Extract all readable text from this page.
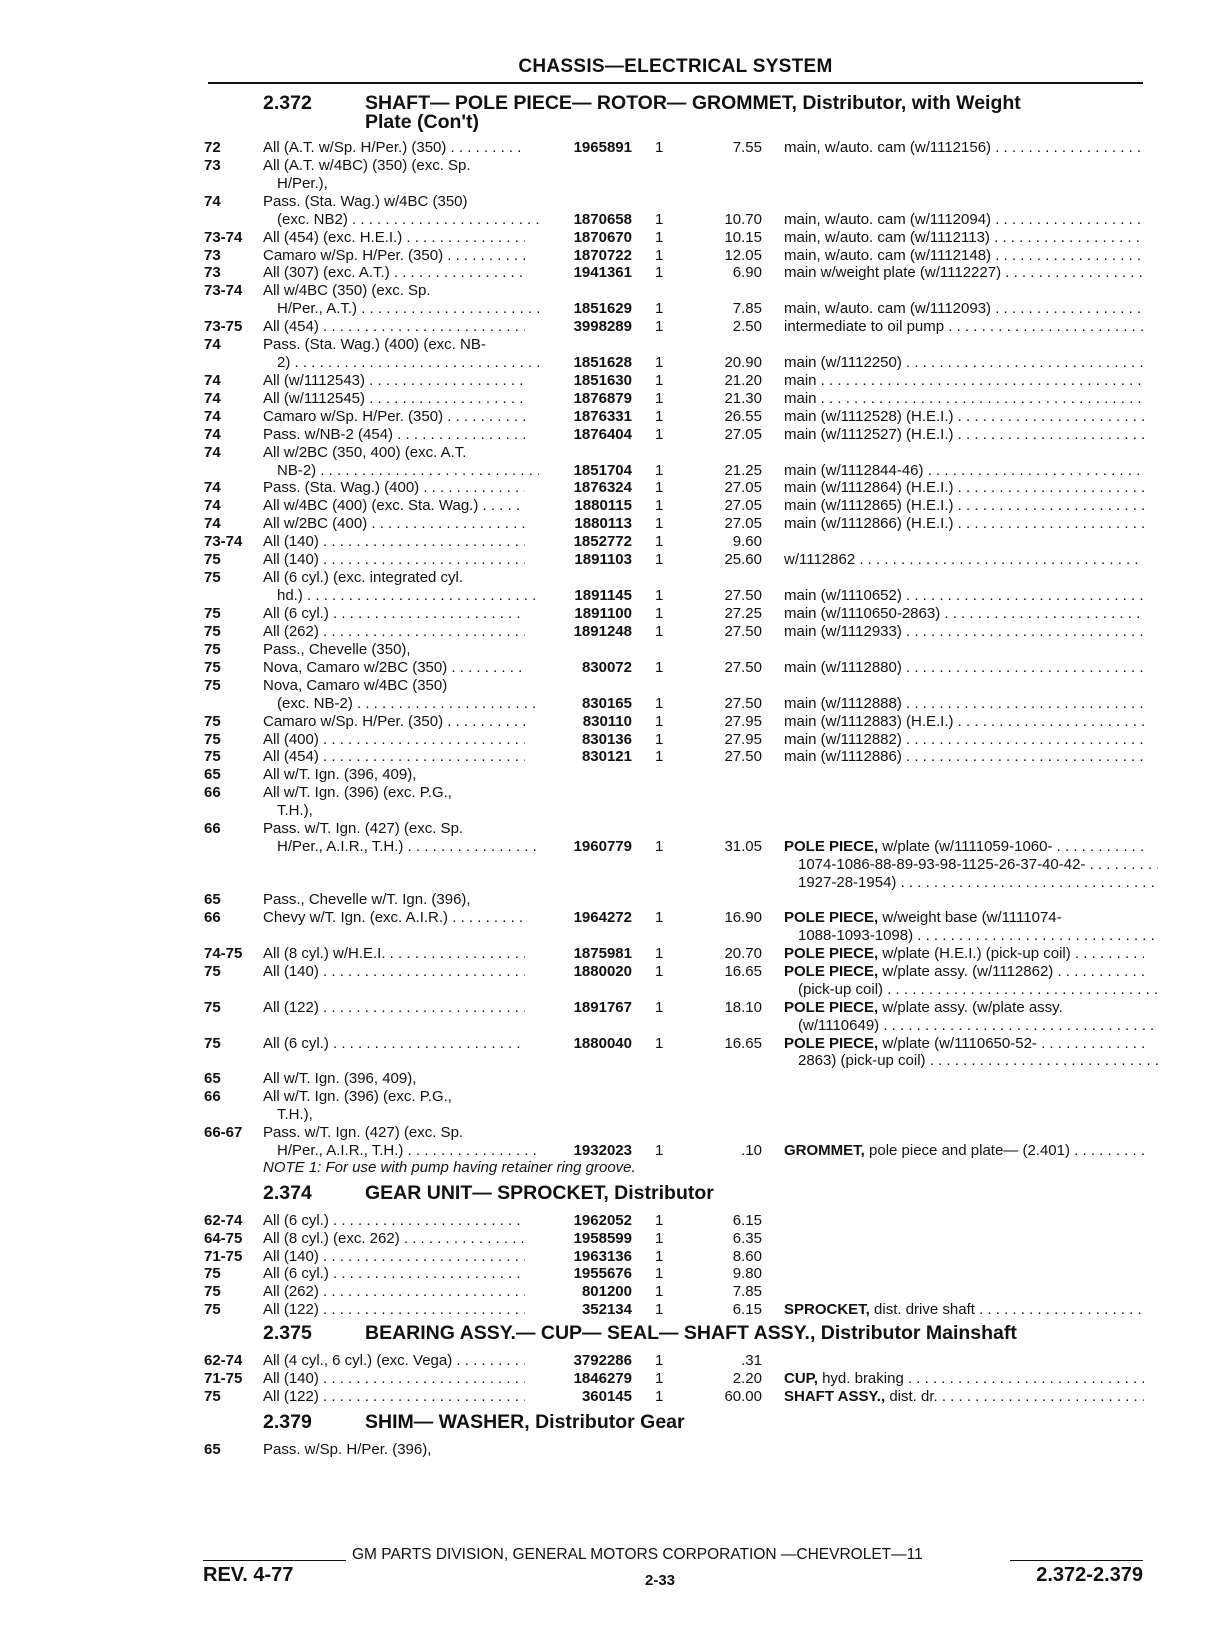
CHASSIS—ELECTRICAL SYSTEM
2.372	SHAFT— POLE PIECE— ROTOR— GROMMET, Distributor, with Weight
Plate (Con't)
2.374	GEAR UNIT— SPROCKET, Distributor
2.375	BEARING ASSY.— CUP— SEAL— SHAFT ASSY., Distributor Mainshaft
2.379	SHIM— WASHER, Distributor Gear
72	All (A.T. w/Sp. H/Per.) (350) . . .	1965891 1	7.55 main, w/auto. cam (w/1112156) . . .
73	All (A.T. w/4BC) (350) (exc. Sp.
H/Per.),
74	Pass. (Sta. Wag.) w/4BC (350)
(exc. NB2) . . .	1870658 1	10.70 main, w/auto. cam (w/1112094) . . .
73-74 All (454) (exc. H.E.I.) . . .	1870670 1	10.15 main, w/auto. cam (w/1112113) . . .
73	Camaro w/Sp. H/Per. (350) . . .	1870722 1	12.05 main, w/auto. cam (w/1112148) . . .
73	All (307) (exc. A.T.) . . .	1941361 1	6.90 main w/weight plate (w/1112227) . . .
73-74 All w/4BC (350) (exc. Sp.
H/Per., A.T.) . . .	1851629 1	7.85 main, w/auto. cam (w/1112093) . . .
73-75 All (454) . . .	3998289 1	2.50 intermediate to oil pump . . .
74	Pass. (Sta. Wag.) (400) (exc. NB-
2) . . .	1851628 1	20.90 main (w/1112250) . . .
74	All (w/1112543) . . .	1851630 1	21.20 main . . .
74	All (w/1112545) . . .	1876879 1	21.30 main . . .
74	Camaro w/Sp. H/Per. (350) . . .	1876331 1	26.55 main (w/1112528) (H.E.I.) . . .
74	Pass. w/NB-2 (454) . . .	1876404 1	27.05 main (w/1112527) (H.E.I.) . . .
74	All w/2BC (350, 400) (exc. A.T.
NB-2) . . .	1851704 1	21.25 main (w/1112844-46) . . .
74	Pass. (Sta. Wag.) (400) . . .	1876324 1	27.05 main (w/1112864) (H.E.I.) . . .
74	All w/4BC (400) (exc. Sta. Wag.) . . .	1880115 1	27.05 main (w/1112865) (H.E.I.) . . .
74	All w/2BC (400) . . .	1880113 1	27.05 main (w/1112866) (H.E.I.) . . .
73-74 All (140) . . .	1852772 1	9.60
75	All (140) . . .	1891103 1	25.60 w/1112862 . . .
75	All (6 cyl.) (exc. integrated cyl.
hd.) . . .	1891145 1	27.50 main (w/1110652) . . .
75	All (6 cyl.) . . .	1891100 1	27.25 main (w/1110650-2863) . . .
75	All (262) . . .	1891248 1	27.50 main (w/1112933) . . .
75	Pass., Chevelle (350),
75	Nova, Camaro w/2BC (350) . . .	830072 1	27.50 main (w/1112880) . . .
75	Nova, Camaro w/4BC (350)
(exc. NB-2) . . .	830165 1	27.50 main (w/1112888) . . .
75	Camaro w/Sp. H/Per. (350) . . .	830110 1	27.95 main (w/1112883) (H.E.I.) . . .
75	All (400) . . .	830136 1	27.95 main (w/1112882) . . .
75	All (454) . . .	830121 1	27.50 main (w/1112886) . . .
65	All w/T. Ign. (396, 409),
66	All w/T. Ign. (396) (exc. P.G.,
T.H.),
66	Pass. w/T. Ign. (427) (exc. Sp.
H/Per., A.I.R., T.H.) . . .	1960779 1	31.05 POLE PIECE, w/plate (w/1111059-1060- . . .
1074-1086-88-89-93-98-1125-26-37-40-42- . . .
1927-28-1954) . . .
65	Pass., Chevelle w/T. Ign. (396),
66	Chevy w/T. Ign. (exc. A.I.R.) . . .	1964272 1	16.90 POLE PIECE, w/weight base (w/1111074-
1088-1093-1098) . . .
74-75 All (8 cyl.) w/H.E.I. . . .	1875981 1	20.70 POLE PIECE, w/plate (H.E.I.) (pick-up coil) . . .
75	All (140) . . .	1880020 1	16.65 POLE PIECE, w/plate assy. (w/1112862) . . .
(pick-up coil) . . .
75	All (122) . . .	1891767 1	18.10 POLE PIECE, w/plate assy. (w/plate assy.
(w/1110649) . . .
75	All (6 cyl.) . . .	1880040 1	16.65 POLE PIECE, w/plate (w/1110650-52- . . .
2863) (pick-up coil) . . .
65	All w/T. Ign. (396, 409),
66	All w/T. Ign. (396) (exc. P.G.,
T.H.),
66-67 Pass. w/T. Ign. (427) (exc. Sp.
H/Per., A.I.R., T.H.) . . .	1932023 1	.10 GROMMET, pole piece and plate— (2.401) . . .
62-74 All (6 cyl.) . . .	1962052 1	6.15
64-75 All (8 cyl.) (exc. 262) . . .	1958599 1	6.35
71-75 All (140) . . .	1963136 1	8.60
75	All (6 cyl.) . . .	1955676 1	9.80
75	All (262) . . .	801200 1	7.85
75	All (122) . . .	352134 1	6.15 SPROCKET, dist. drive shaft . . .
62-74 All (4 cyl., 6 cyl.) (exc. Vega) . . .	3792286 1	.31
71-75 All (140) . . .	1846279 1	2.20 CUP, hyd. braking . . .
75	All (122) . . .	360145 1	60.00 SHAFT ASSY., dist. dr. . . .
65	Pass. w/Sp. H/Per. (396),
NOTE 1: For use with pump having retainer ring groove.
GM PARTS DIVISION, GENERAL MOTORS CORPORATION —CHEVROLET—11
REV. 4-77	2-33	2.372-2.379
